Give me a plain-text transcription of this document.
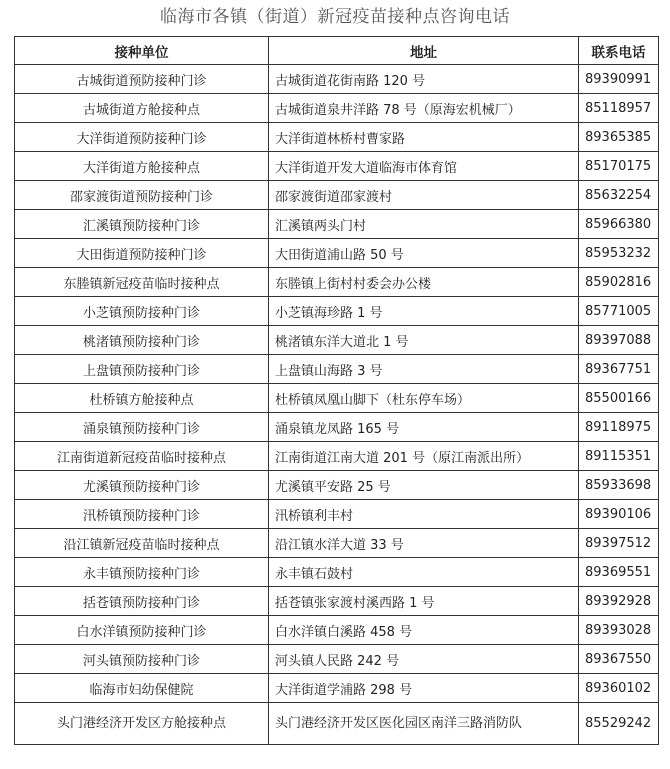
临海市各镇（街道）新冠疫苗接种点咨询电话
接种单位	地址	联系电话
古城街道预防接种门诊	古城街道花街南路 120 号	89390991
古城街道方舱接种点	古城街道泉井洋路 78 号（原海宏机械厂）	85118957
大洋街道预防接种门诊	大洋街道林桥村曹家路	89365385
大洋街道方舱接种点	大洋街道开发大道临海市体育馆	85170175
邵家渡街道预防接种门诊	邵家渡街道邵家渡村	85632254
汇溪镇预防接种门诊	汇溪镇两头门村	85966380
大田街道预防接种门诊	大田街道浦山路 50 号	85953232
东塍镇新冠疫苗临时接种点	东塍镇上街村村委会办公楼	85902816
小芝镇预防接种门诊	小芝镇海珍路 1 号	85771005
桃渚镇预防接种门诊	桃渚镇东洋大道北 1 号	89397088
上盘镇预防接种门诊	上盘镇山海路 3 号	89367751
杜桥镇方舱接种点	杜桥镇凤凰山脚下（杜东停车场）	85500166
涌泉镇预防接种门诊	涌泉镇龙凤路 165 号	89118975
江南街道新冠疫苗临时接种点	江南街道江南大道 201 号（原江南派出所）	89115351
尤溪镇预防接种门诊	尤溪镇平安路 25 号	85933698
汛桥镇预防接种门诊	汛桥镇利丰村	89390106
沿江镇新冠疫苗临时接种点	沿江镇水洋大道 33 号	89397512
永丰镇预防接种门诊	永丰镇石鼓村	89369551
括苍镇预防接种门诊	括苍镇张家渡村溪西路 1 号	89392928
白水洋镇预防接种门诊	白水洋镇白溪路 458 号	89393028
河头镇预防接种门诊	河头镇人民路 242 号	89367550
临海市妇幼保健院	大洋街道学浦路 298 号	89360102
头门港经济开发区方舱接种点	头门港经济开发区医化园区南洋三路消防队	85529242
